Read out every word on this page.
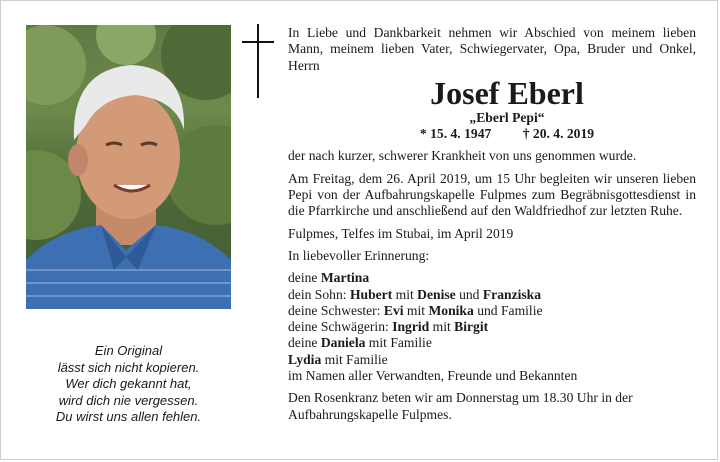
Ein Original
lässt sich nicht kopieren.
Wer dich gekannt hat,
wird dich nie vergessen.
Du wirst uns allen fehlen.
In Liebe und Dankbarkeit nehmen wir Abschied von meinem lieben Mann, meinem lieben Vater, Schwiegervater, Opa, Bruder und Onkel, Herrn
Josef Eberl
„Eberl Pepi“
* 15. 4. 1947 † 20. 4. 2019
der nach kurzer, schwerer Krankheit von uns genommen wurde.
Am Freitag, dem 26. April 2019, um 15 Uhr begleiten wir unseren lieben Pepi von der Aufbahrungskapelle Fulpmes zum Begräbnisgottesdienst in die Pfarrkirche und anschließend auf den Waldfriedhof zur letzten Ruhe.
Fulpmes, Telfes im Stubai, im April 2019
In liebevoller Erinnerung:
deine Martina
dein Sohn: Hubert mit Denise und Franziska
deine Schwester: Evi mit Monika und Familie
deine Schwägerin: Ingrid mit Birgit
deine Daniela mit Familie
Lydia mit Familie
im Namen aller Verwandten, Freunde und Bekannten
Den Rosenkranz beten wir am Donnerstag um 18.30 Uhr in der Aufbahrungskapelle Fulpmes.
